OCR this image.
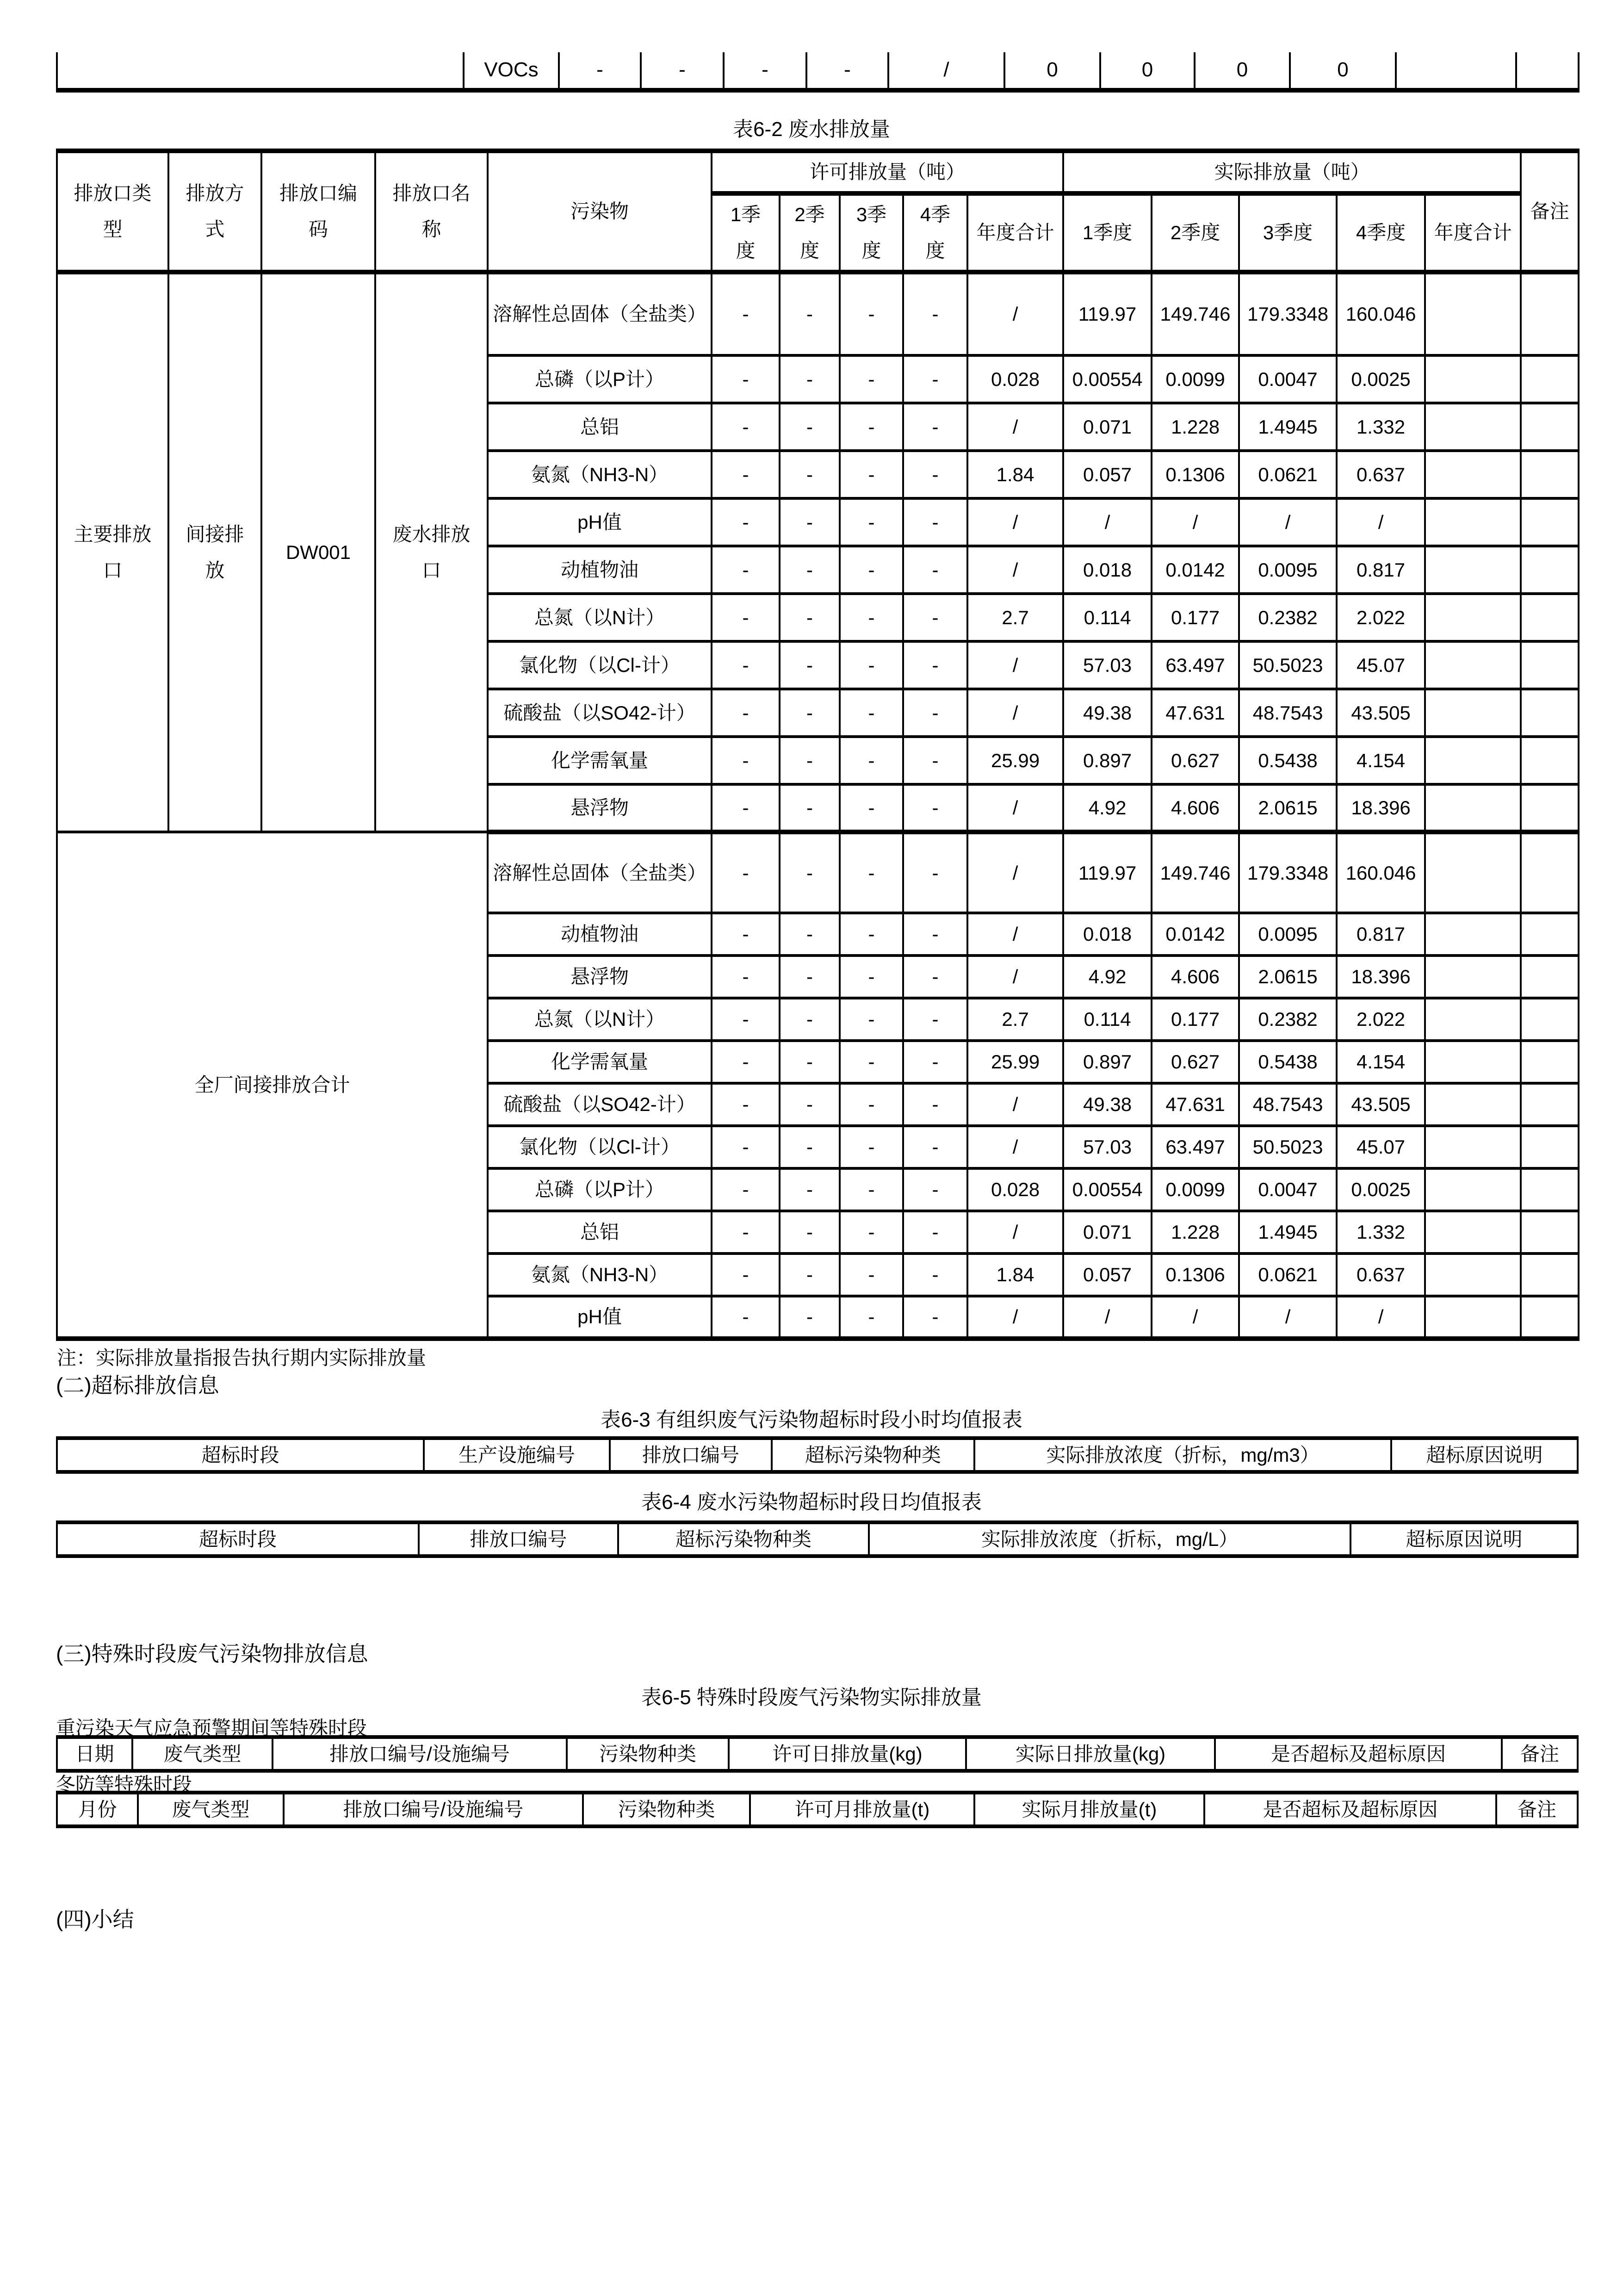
	VOCs	-	-	-	-	/	0	0	0	0		
表6-2 废水排放量
排放口类型	排放方式	排放口编码	排放口名称	污染物	许可排放量（吨）					实际排放量（吨）					备注
					1季度	2季度	3季度	4季度	年度合计	1季度	2季度	3季度	4季度	年度合计	
主要排放口	间接排放	DW001	废水排放口	溶解性总固体（全盐类）	-	-	-	-	/	119.97	149.746	179.3348	160.046		
				总磷（以P计）	-	-	-	-	0.028	0.00554	0.0099	0.0047	0.0025		
				总铝	-	-	-	-	/	0.071	1.228	1.4945	1.332		
				氨氮（NH3-N）	-	-	-	-	1.84	0.057	0.1306	0.0621	0.637		
				pH值	-	-	-	-	/	/	/	/	/		
				动植物油	-	-	-	-	/	0.018	0.0142	0.0095	0.817		
				总氮（以N计）	-	-	-	-	2.7	0.114	0.177	0.2382	2.022		
				氯化物（以Cl-计）	-	-	-	-	/	57.03	63.497	50.5023	45.07		
				硫酸盐（以SO42-计）	-	-	-	-	/	49.38	47.631	48.7543	43.505		
				化学需氧量	-	-	-	-	25.99	0.897	0.627	0.5438	4.154		
				悬浮物	-	-	-	-	/	4.92	4.606	2.0615	18.396		
全厂间接排放合计				溶解性总固体（全盐类）	-	-	-	-	/	119.97	149.746	179.3348	160.046		
				动植物油	-	-	-	-	/	0.018	0.0142	0.0095	0.817		
				悬浮物	-	-	-	-	/	4.92	4.606	2.0615	18.396		
				总氮（以N计）	-	-	-	-	2.7	0.114	0.177	0.2382	2.022		
				化学需氧量	-	-	-	-	25.99	0.897	0.627	0.5438	4.154		
				硫酸盐（以SO42-计）	-	-	-	-	/	49.38	47.631	48.7543	43.505		
				氯化物（以Cl-计）	-	-	-	-	/	57.03	63.497	50.5023	45.07		
				总磷（以P计）	-	-	-	-	0.028	0.00554	0.0099	0.0047	0.0025		
				总铝	-	-	-	-	/	0.071	1.228	1.4945	1.332		
				氨氮（NH3-N）	-	-	-	-	1.84	0.057	0.1306	0.0621	0.637		
				pH值	-	-	-	-	/	/	/	/	/		
注：实际排放量指报告执行期内实际排放量
(二)超标排放信息
表6-3 有组织废气污染物超标时段小时均值报表
超标时段	生产设施编号	排放口编号	超标污染物种类	实际排放浓度（折标，mg/m3）	超标原因说明
表6-4 废水污染物超标时段日均值报表
超标时段	排放口编号	超标污染物种类	实际排放浓度（折标，mg/L）	超标原因说明
(三)特殊时段废气污染物排放信息
表6-5 特殊时段废气污染物实际排放量
重污染天气应急预警期间等特殊时段
日期	废气类型	排放口编号/设施编号	污染物种类	许可日排放量(kg)	实际日排放量(kg)	是否超标及超标原因	备注
冬防等特殊时段
月份	废气类型	排放口编号/设施编号	污染物种类	许可月排放量(t)	实际月排放量(t)	是否超标及超标原因	备注
(四)小结
